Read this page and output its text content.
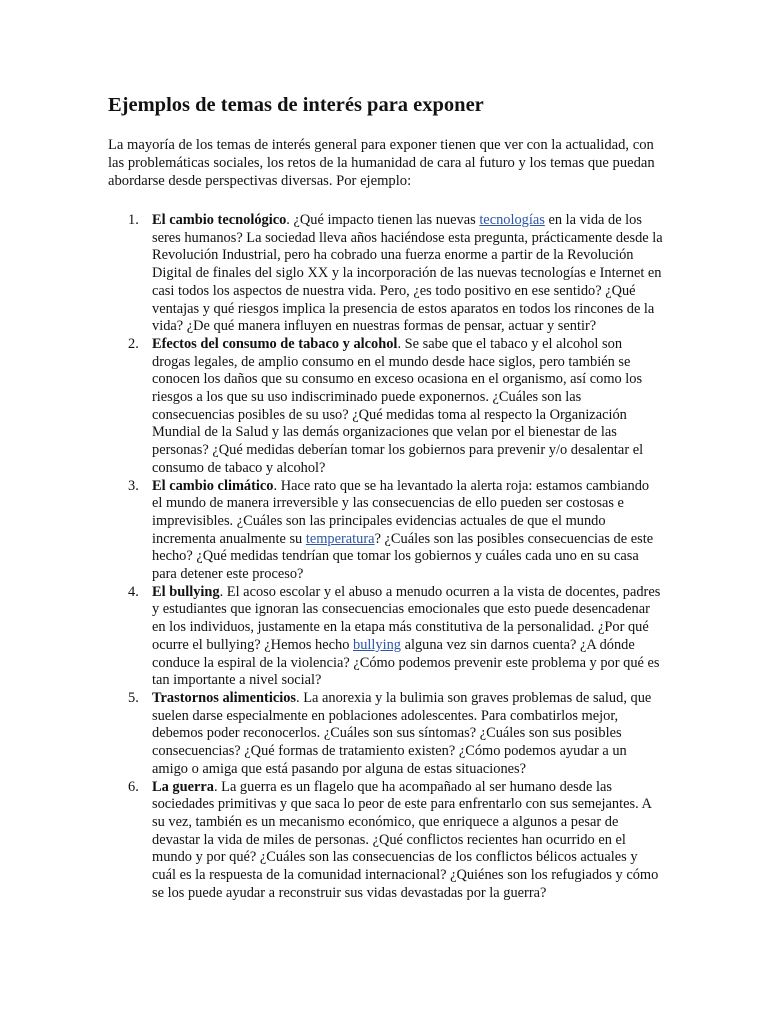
Ejemplos de temas de interés para exponer

La mayoría de los temas de interés general para exponer tienen que ver con la actualidad, con las problemáticas sociales, los retos de la humanidad de cara al futuro y los temas que puedan abordarse desde perspectivas diversas. Por ejemplo:

1. El cambio tecnológico. ¿Qué impacto tienen las nuevas tecnologías en la vida de los seres humanos? La sociedad lleva años haciéndose esta pregunta, prácticamente desde la Revolución Industrial, pero ha cobrado una fuerza enorme a partir de la Revolución Digital de finales del siglo XX y la incorporación de las nuevas tecnologías e Internet en casi todos los aspectos de nuestra vida. Pero, ¿es todo positivo en ese sentido? ¿Qué ventajas y qué riesgos implica la presencia de estos aparatos en todos los rincones de la vida? ¿De qué manera influyen en nuestras formas de pensar, actuar y sentir?
2. Efectos del consumo de tabaco y alcohol. Se sabe que el tabaco y el alcohol son drogas legales, de amplio consumo en el mundo desde hace siglos, pero también se conocen los daños que su consumo en exceso ocasiona en el organismo, así como los riesgos a los que su uso indiscriminado puede exponernos. ¿Cuáles son las consecuencias posibles de su uso? ¿Qué medidas toma al respecto la Organización Mundial de la Salud y las demás organizaciones que velan por el bienestar de las personas? ¿Qué medidas deberían tomar los gobiernos para prevenir y/o desalentar el consumo de tabaco y alcohol?
3. El cambio climático. Hace rato que se ha levantado la alerta roja: estamos cambiando el mundo de manera irreversible y las consecuencias de ello pueden ser costosas e imprevisibles. ¿Cuáles son las principales evidencias actuales de que el mundo incrementa anualmente su temperatura? ¿Cuáles son las posibles consecuencias de este hecho? ¿Qué medidas tendrían que tomar los gobiernos y cuáles cada uno en su casa para detener este proceso?
4. El bullying. El acoso escolar y el abuso a menudo ocurren a la vista de docentes, padres y estudiantes que ignoran las consecuencias emocionales que esto puede desencadenar en los individuos, justamente en la etapa más constitutiva de la personalidad. ¿Por qué ocurre el bullying? ¿Hemos hecho bullying alguna vez sin darnos cuenta? ¿A dónde conduce la espiral de la violencia? ¿Cómo podemos prevenir este problema y por qué es tan importante a nivel social?
5. Trastornos alimenticios. La anorexia y la bulimia son graves problemas de salud, que suelen darse especialmente en poblaciones adolescentes. Para combatirlos mejor, debemos poder reconocerlos. ¿Cuáles son sus síntomas? ¿Cuáles son sus posibles consecuencias? ¿Qué formas de tratamiento existen? ¿Cómo podemos ayudar a un amigo o amiga que está pasando por alguna de estas situaciones?
6. La guerra. La guerra es un flagelo que ha acompañado al ser humano desde las sociedades primitivas y que saca lo peor de este para enfrentarlo con sus semejantes. A su vez, también es un mecanismo económico, que enriquece a algunos a pesar de devastar la vida de miles de personas. ¿Qué conflictos recientes han ocurrido en el mundo y por qué? ¿Cuáles son las consecuencias de los conflictos bélicos actuales y cuál es la respuesta de la comunidad internacional? ¿Quiénes son los refugiados y cómo se los puede ayudar a reconstruir sus vidas devastadas por la guerra?
